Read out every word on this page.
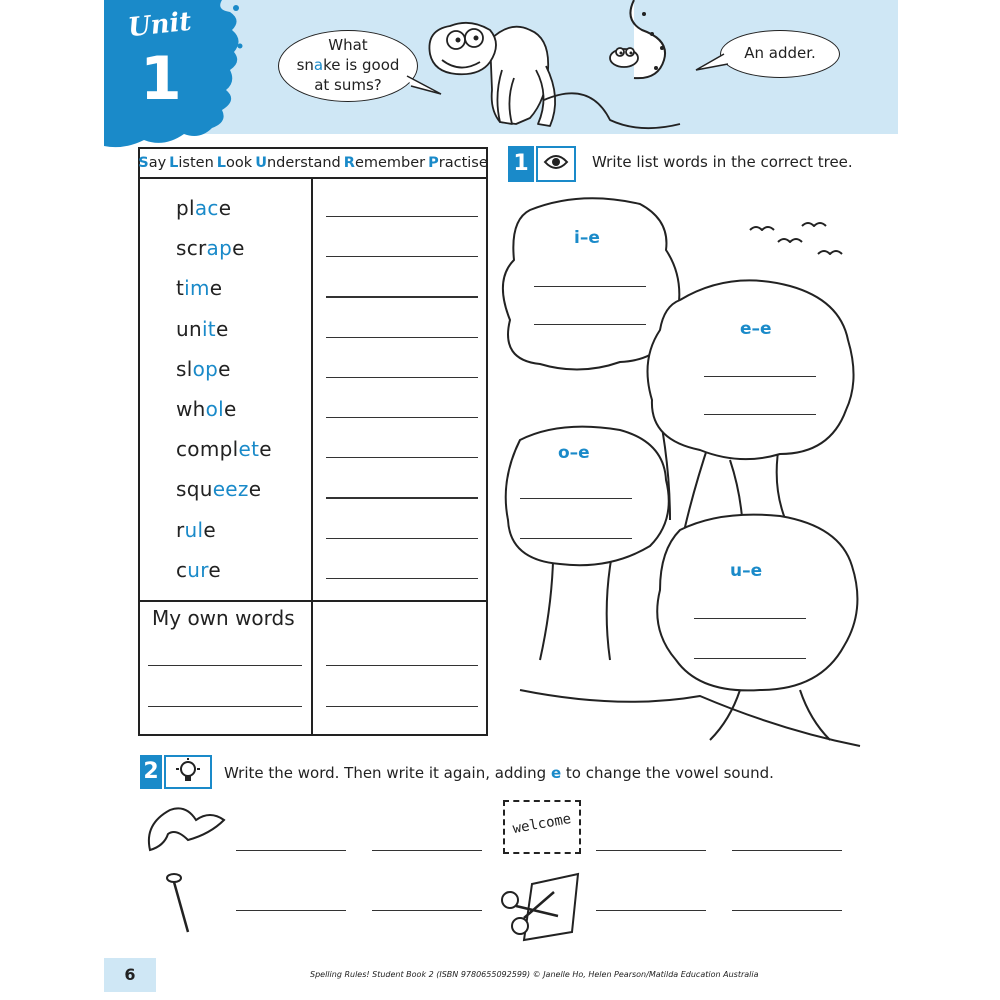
Unit
1	What
snake is good
at sums?
An adder.
Say Listen Look Understand Remember Practise
place
scrape
time
unite
slope
whole
complete
squeeze
rule
cure
My own words
1	Write list words in the correct tree.
i–e
e–e
o–e
u–e
2	Write the word. Then write it again, adding e to change the vowel sound.
welcome
6	Spelling Rules! Student Book 2 (ISBN 9780655092599) © Janelle Ho, Helen Pearson/Matilda Education Australia
